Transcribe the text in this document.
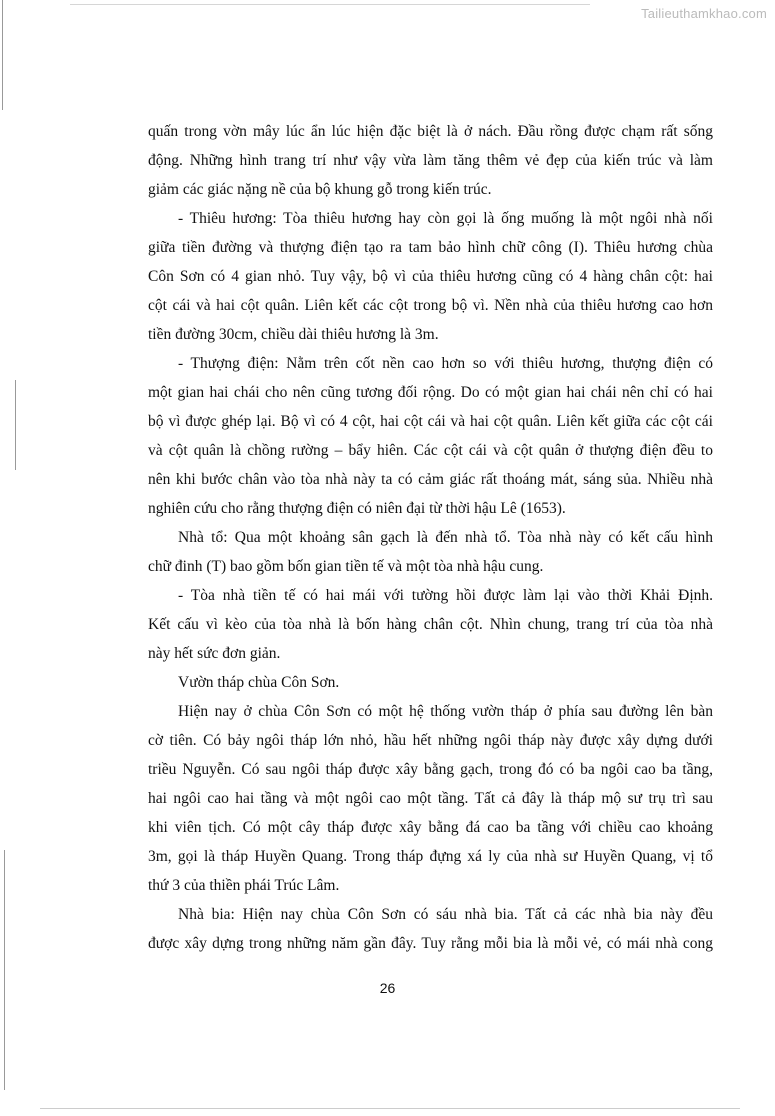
Tailieuthamkhao.com
quấn trong vờn mây lúc ẩn lúc hiện đặc biệt là ở nách. Đầu rồng được chạm rất sống
động. Những hình trang trí như vậy vừa làm tăng thêm vẻ đẹp của kiến trúc và làm
giảm các giác nặng nề của bộ khung gỗ trong kiến trúc.
- Thiêu hương: Tòa thiêu hương hay còn gọi là ống muống là một ngôi nhà nối
giữa tiền đường và thượng điện tạo ra tam bảo hình chữ công (I). Thiêu hương chùa
Côn Sơn có 4 gian nhỏ. Tuy vậy, bộ vì của thiêu hương cũng có 4 hàng chân cột: hai
cột cái và hai cột quân. Liên kết các cột trong bộ vì. Nền nhà của thiêu hương cao hơn
tiền đường 30cm, chiều dài thiêu hương là 3m.
- Thượng điện: Nằm trên cốt nền cao hơn so với thiêu hương, thượng điện có
một gian hai chái cho nên cũng tương đối rộng. Do có một gian hai chái nên chỉ có hai
bộ vì được ghép lại. Bộ vì có 4 cột, hai cột cái và hai cột quân. Liên kết giữa các cột cái
và cột quân là chồng rường – bẩy hiên. Các cột cái và cột quân ở thượng điện đều to
nên khi bước chân vào tòa nhà này ta có cảm giác rất thoáng mát, sáng sủa. Nhiều nhà
nghiên cứu cho rằng thượng điện có niên đại từ thời hậu Lê (1653).
Nhà tổ: Qua một khoảng sân gạch là đến nhà tổ. Tòa nhà này có kết cấu hình
chữ đinh (T) bao gồm bốn gian tiền tế và một tòa nhà hậu cung.
- Tòa nhà tiền tế có hai mái với tường hồi được làm lại vào thời Khải Định.
Kết cấu vì kèo của tòa nhà là bốn hàng chân cột. Nhìn chung, trang trí của tòa nhà
này hết sức đơn giản.
Vườn tháp chùa Côn Sơn.
Hiện nay ở chùa Côn Sơn có một hệ thống vườn tháp ở phía sau đường lên bàn
cờ tiên. Có bảy ngôi tháp lớn nhỏ, hầu hết những ngôi tháp này được xây dựng dưới
triều Nguyễn. Có sau ngôi tháp được xây bằng gạch, trong đó có ba ngôi cao ba tầng,
hai ngôi cao hai tầng và một ngôi cao một tầng. Tất cả đây là tháp mộ sư trụ trì sau
khi viên tịch. Có một cây tháp được xây bằng đá cao ba tầng với chiều cao khoảng
3m, gọi là tháp Huyền Quang. Trong tháp đựng xá ly của nhà sư Huyền Quang, vị tổ
thứ 3 của thiền phái Trúc Lâm.
Nhà bia: Hiện nay chùa Côn Sơn có sáu nhà bia. Tất cả các nhà bia này đều
được xây dựng trong những năm gần đây. Tuy rằng mỗi bia là mỗi vẻ, có mái nhà cong
26
